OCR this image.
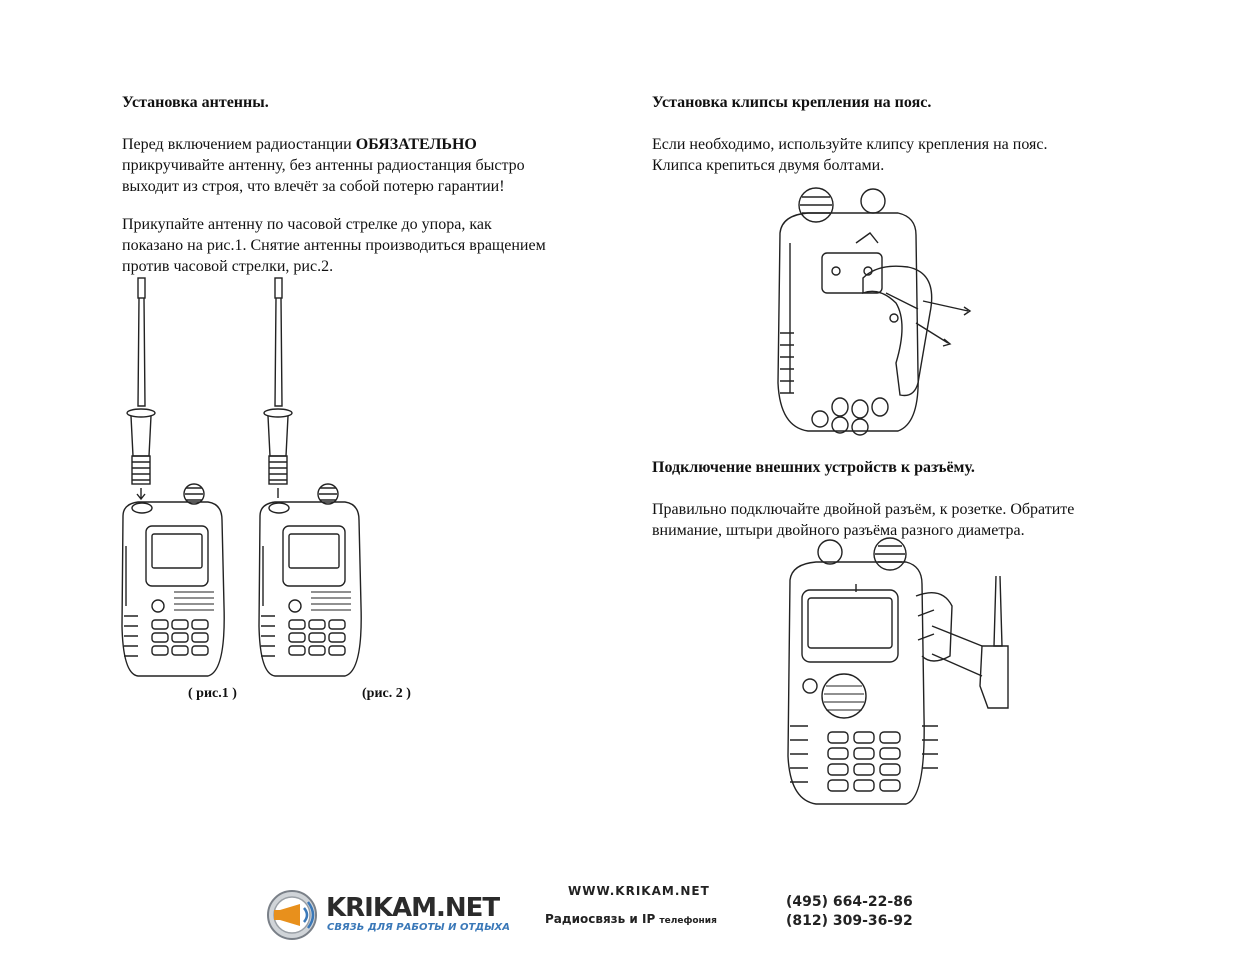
Установка антенны.

Перед включением радиостанции ОБЯЗАТЕЛЬНО
прикручивайте антенну, без антенны радиостанция быстро
выходит из строя, что влечёт за собой потерю гарантии!

Прикупайте антенну по часовой стрелке до упора, как
показано на рис.1. Снятие антенны производиться вращением
против часовой стрелки, рис.2.

( рис.1 )	(рис. 2 )
Установка клипсы крепления на пояс.

Если необходимо, используйте клипсу крепления на пояс.
Клипса крепиться двумя болтами.

Подключение внешних устройств к разъёму.

Правильно подключайте двойной разъём, к розетке. Обратите
внимание, штыри двойного разъёма разного диаметра.

KRIKAM.NET
СВЯЗЬ ДЛЯ РАБОТЫ И ОТДЫХА
WWW.KRIKAM.NET
Радиосвязь и IP телефония
(495) 664-22-86
(812) 309-36-92
